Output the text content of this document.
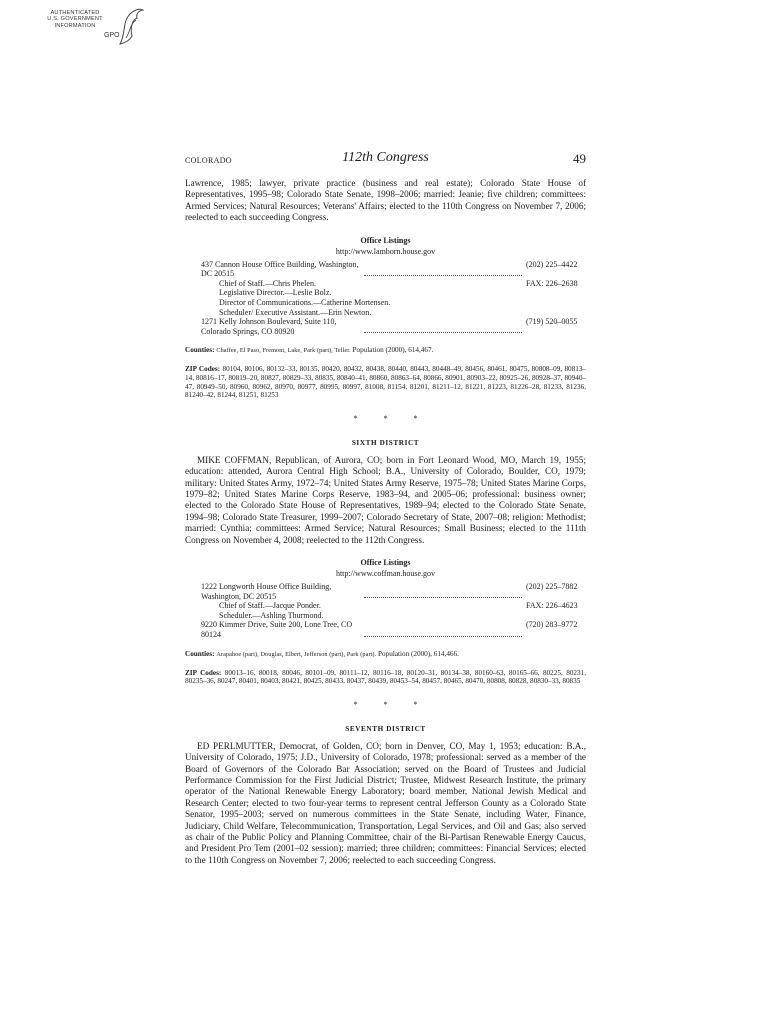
AUTHENTICATED
U.S. GOVERNMENT
INFORMATION
GPO
COLORADO	112th Congress	49

Lawrence, 1985; lawyer, private practice (business and real estate); Colorado State House of Representatives, 1995–98; Colorado State Senate, 1998–2006; married: Jeanie; five children; committees: Armed Services; Natural Resources; Veterans' Affairs; elected to the 110th Congress on November 7, 2006; reelected to each succeeding Congress.

Office Listings
http://www.lamborn.house.gov
437 Cannon House Office Building, Washington, DC 20515
(202) 225–4422
Chief of Staff.—Chris Phelen.	FAX: 226–2638
Legislative Director.—Leslie Bolz.
Director of Communications.—Catherine Mortensen.
Scheduler/ Executive Assistant.—Erin Newton.
1271 Kelly Johnson Boulevard, Suite 110, Colorado Springs, CO 80920
(719) 520–0055
Counties: Chaffee, El Paso, Fremont, Lake, Park (part), Teller. Population (2000), 614,467.
ZIP Codes: 80104, 80106, 80132–33, 80135, 80420, 80432, 80438, 80440, 80443, 80448–49, 80456, 80461, 80475, 80808–09, 80813–14, 80816–17, 80819–20, 80827, 80829–33, 80835, 80840–41, 80860, 80863–64, 80866, 80901, 80903–22, 80925–26, 80928–37, 80940–47, 80949–50, 80960, 80962, 80970, 80977, 80995, 80997, 81008, 81154, 81201, 81211–12, 81221, 81223, 81226–28, 81233, 81236, 81240–42, 81244, 81251, 81253
* * *
SIXTH DISTRICT

MIKE COFFMAN, Republican, of Aurora, CO; born in Fort Leonard Wood, MO, March 19, 1955; education: attended, Aurora Central High School; B.A., University of Colorado, Boulder, CO, 1979; military: United States Army, 1972–74; United States Army Reserve, 1975–78; United States Marine Corps, 1979–82; United States Marine Corps Reserve, 1983–94, and 2005–06; professional: business owner; elected to the Colorado State House of Representatives, 1989–94; elected to the Colorado State Senate, 1994–98; Colorado State Treasurer, 1999–2007; Colorado Secretary of State, 2007–08; religion: Methodist; married: Cynthia; committees: Armed Service; Natural Resources; Small Business; elected to the 111th Congress on November 4, 2008; reelected to the 112th Congress.

Office Listings
http://www.coffman.house.gov
1222 Longworth House Office Building, Washington, DC 20515
(202) 225–7882
Chief of Staff.—Jacque Ponder.	FAX: 226–4623
Scheduler.—Ashling Thurmond.
9220 Kimmer Drive, Suite 200, Lone Tree, CO 80124
(720) 283–9772
Counties: Arapahoe (part), Douglas, Elbert, Jefferson (part), Park (part). Population (2000), 614,466.
ZIP Codes: 80013–16, 80018, 80046, 80101–09, 80111–12, 80116–18, 80120–31, 80134–38, 80160–63, 80165–66, 80225, 80231, 80235–36, 80247, 80401, 80403, 80421, 80425, 80433, 80437, 80439, 80453–54, 80457, 80465, 80470, 80808, 80828, 80830–33, 80835
* * *
SEVENTH DISTRICT

ED PERLMUTTER, Democrat, of Golden, CO; born in Denver, CO, May 1, 1953; education: B.A., University of Colorado, 1975; J.D., University of Colorado, 1978; professional: served as a member of the Board of Governors of the Colorado Bar Association; served on the Board of Trustees and Judicial Performance Commission for the First Judicial District; Trustee, Midwest Research Institute, the primary operator of the National Renewable Energy Laboratory; board member, National Jewish Medical and Research Center; elected to two four-year terms to represent central Jefferson County as a Colorado State Senator, 1995–2003; served on numerous committees in the State Senate, including Water, Finance, Judiciary, Child Welfare, Telecommunication, Transportation, Legal Services, and Oil and Gas; also served as chair of the Public Policy and Planning Committee, chair of the Bi-Partisan Renewable Energy Caucus, and President Pro Tem (2001–02 session); married; three children; committees: Financial Services; elected to the 110th Congress on November 7, 2006; reelected to each succeeding Congress.
